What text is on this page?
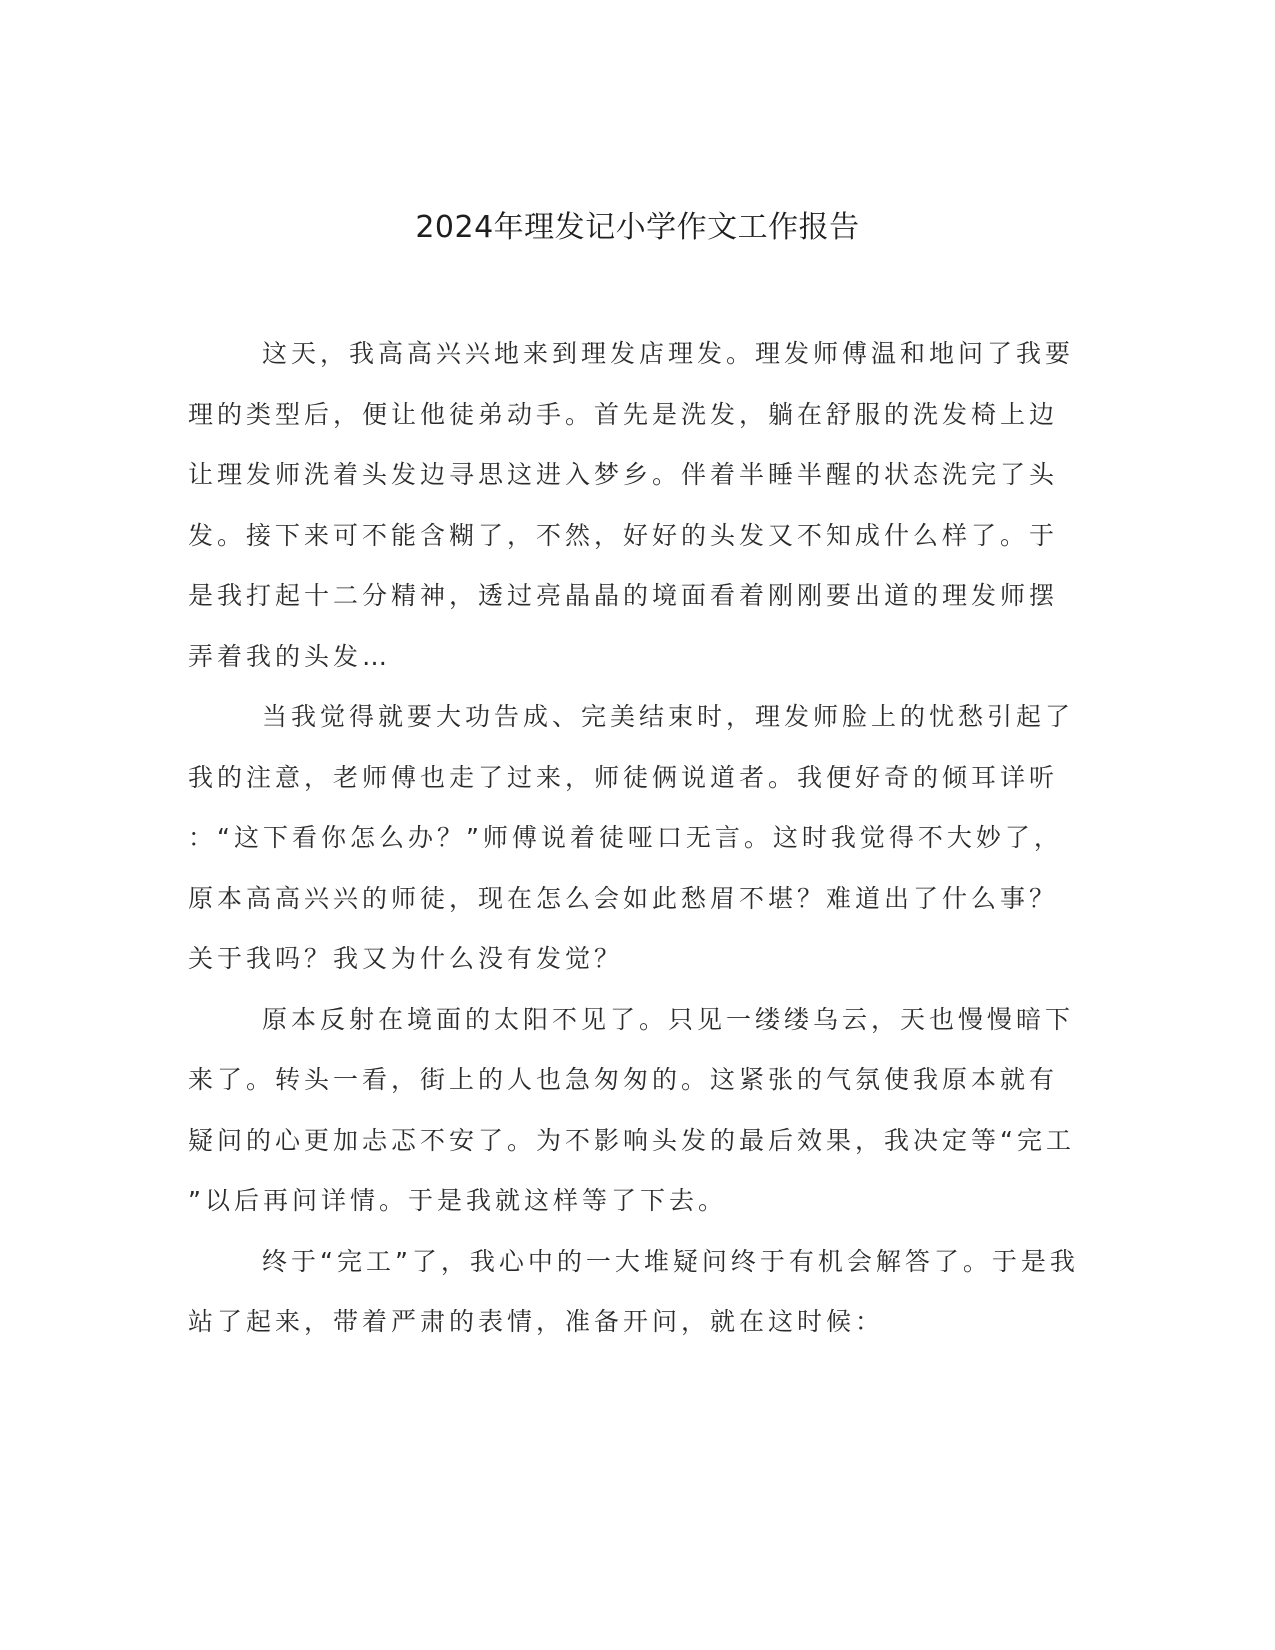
2024年理发记小学作文工作报告

这天，我高高兴兴地来到理发店理发。理发师傅温和地问了我要
理的类型后，便让他徒弟动手。首先是洗发，躺在舒服的洗发椅上边
让理发师洗着头发边寻思这进入梦乡。伴着半睡半醒的状态洗完了头
发。接下来可不能含糊了，不然，好好的头发又不知成什么样了。于
是我打起十二分精神，透过亮晶晶的境面看着刚刚要出道的理发师摆
弄着我的头发…

当我觉得就要大功告成、完美结束时，理发师脸上的忧愁引起了
我的注意，老师傅也走了过来，师徒俩说道者。我便好奇的倾耳详听
：“这下看你怎么办？”师傅说着徒哑口无言。这时我觉得不大妙了，
原本高高兴兴的师徒，现在怎么会如此愁眉不堪？难道出了什么事？
关于我吗？我又为什么没有发觉？

原本反射在境面的太阳不见了。只见一缕缕乌云，天也慢慢暗下
来了。转头一看，街上的人也急匆匆的。这紧张的气氛使我原本就有
疑问的心更加忐忑不安了。为不影响头发的最后效果，我决定等“完工
”以后再问详情。于是我就这样等了下去。

终于“完工”了，我心中的一大堆疑问终于有机会解答了。于是我
站了起来，带着严肃的表情，准备开问，就在这时候：
